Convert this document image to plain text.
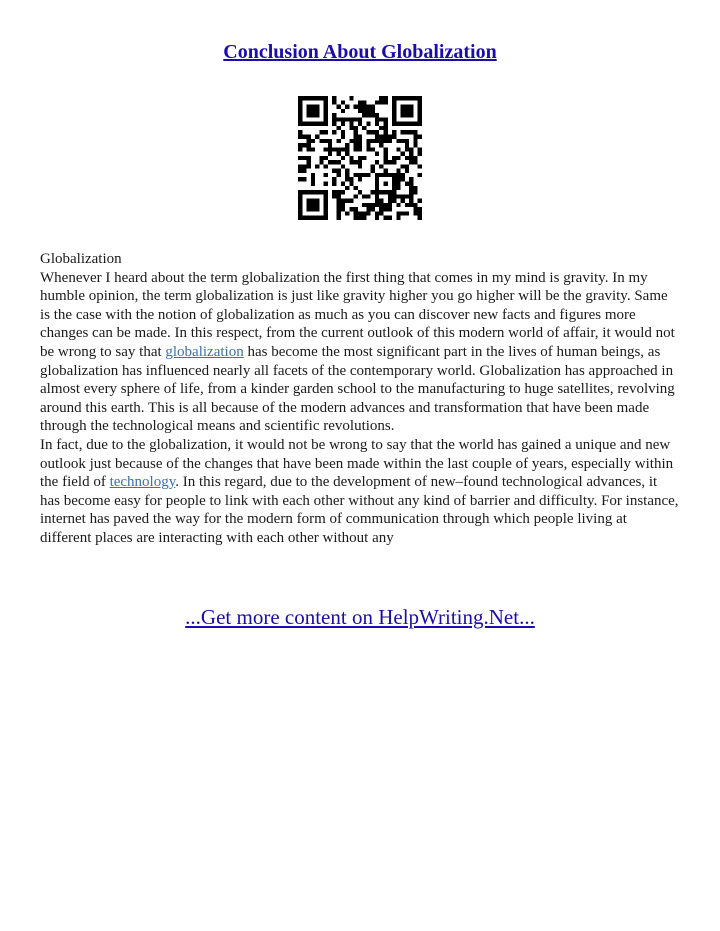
Conclusion About Globalization

Globalization

Whenever I heard about the term globalization the first thing that comes in my mind is gravity. In my humble opinion, the term globalization is just like gravity higher you go higher will be the gravity. Same is the case with the notion of globalization as much as you can discover new facts and figures more changes can be made. In this respect, from the current outlook of this modern world of affair, it would not be wrong to say that globalization has become the most significant part in the lives of human beings, as globalization has influenced nearly all facets of the contemporary world. Globalization has approached in almost every sphere of life, from a kinder garden school to the manufacturing to huge satellites, revolving around this earth. This is all because of the modern advances and transformation that have been made through the technological means and scientific revolutions.

In fact, due to the globalization, it would not be wrong to say that the world has gained a unique and new outlook just because of the changes that have been made within the last couple of years, especially within the field of technology. In this regard, due to the development of new–found technological advances, it has become easy for people to link with each other without any kind of barrier and difficulty. For instance, internet has paved the way for the modern form of communication through which people living at different places are interacting with each other without any

...Get more content on HelpWriting.Net...
